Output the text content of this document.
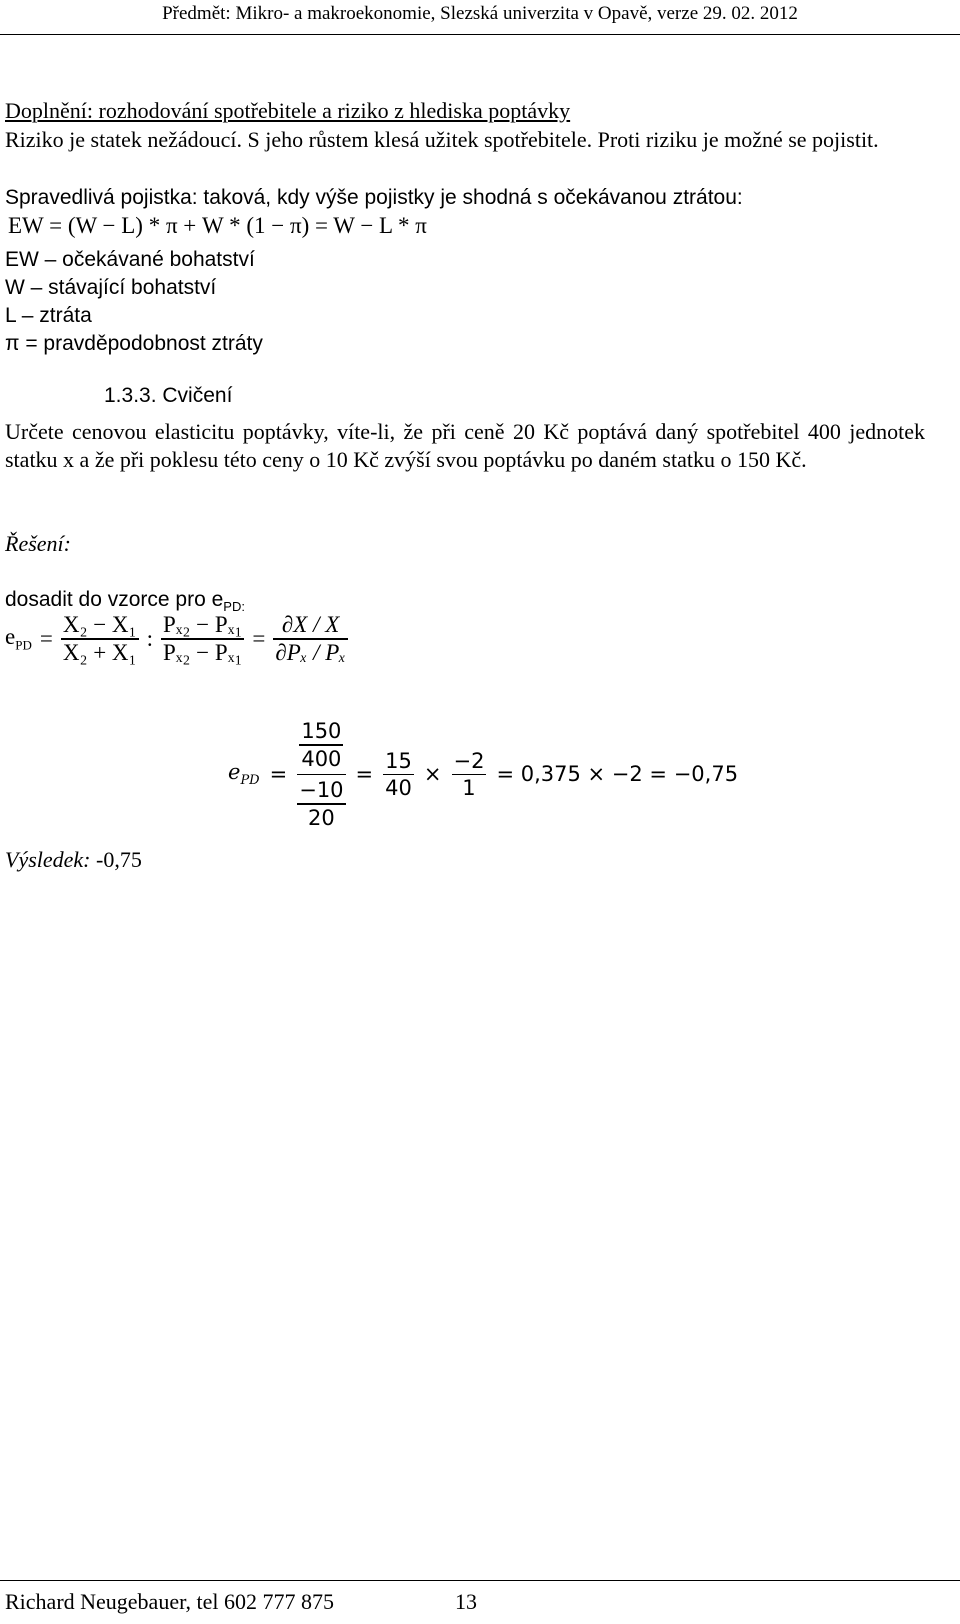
Předmět: Mikro- a makroekonomie, Slezská univerzita v Opavě, verze 29. 02. 2012
Doplnění: rozhodování spotřebitele a riziko z hlediska poptávky
Riziko je statek nežádoucí. S jeho růstem klesá užitek spotřebitele. Proti riziku je možné se pojistit.
Spravedlivá pojistka: taková, kdy výše pojistky je shodná s očekávanou ztrátou:
EW = (W − L) * π + W * (1 − π) = W − L * π
EW – očekávané bohatství
W – stávající bohatství
L – ztráta
π = pravděpodobnost ztráty
1.3.3. Cvičení
Určete cenovou elasticitu poptávky, víte-li, že při ceně 20 Kč poptává daný spotřebitel 400 jednotek statku x a že při poklesu této ceny o 10 Kč zvýší svou poptávku po daném statku o 150 Kč.
Řešení:
dosadit do vzorce pro $e_{PD:}$
$e_{PD} = \frac{\text{X₂ − X₁}}{\text{X₂ + X₁}}$ : $\frac{\text{Pₓ₂ − Pₓ₁}}{\text{Pₓ₂ − Pₓ₁}} = \frac{\partial X / X}{\text{∂Pₓ / Pₓ}}$
$e_{PD} = \frac{\frac{150}{400}}{\frac{-10}{20}} = \frac{15}{40} \times \frac{-2}{1} = 0,375 \times -2 = -0,75$
Výsledek: -0,75
Richard Neugebauer, tel 602 777 875	13
